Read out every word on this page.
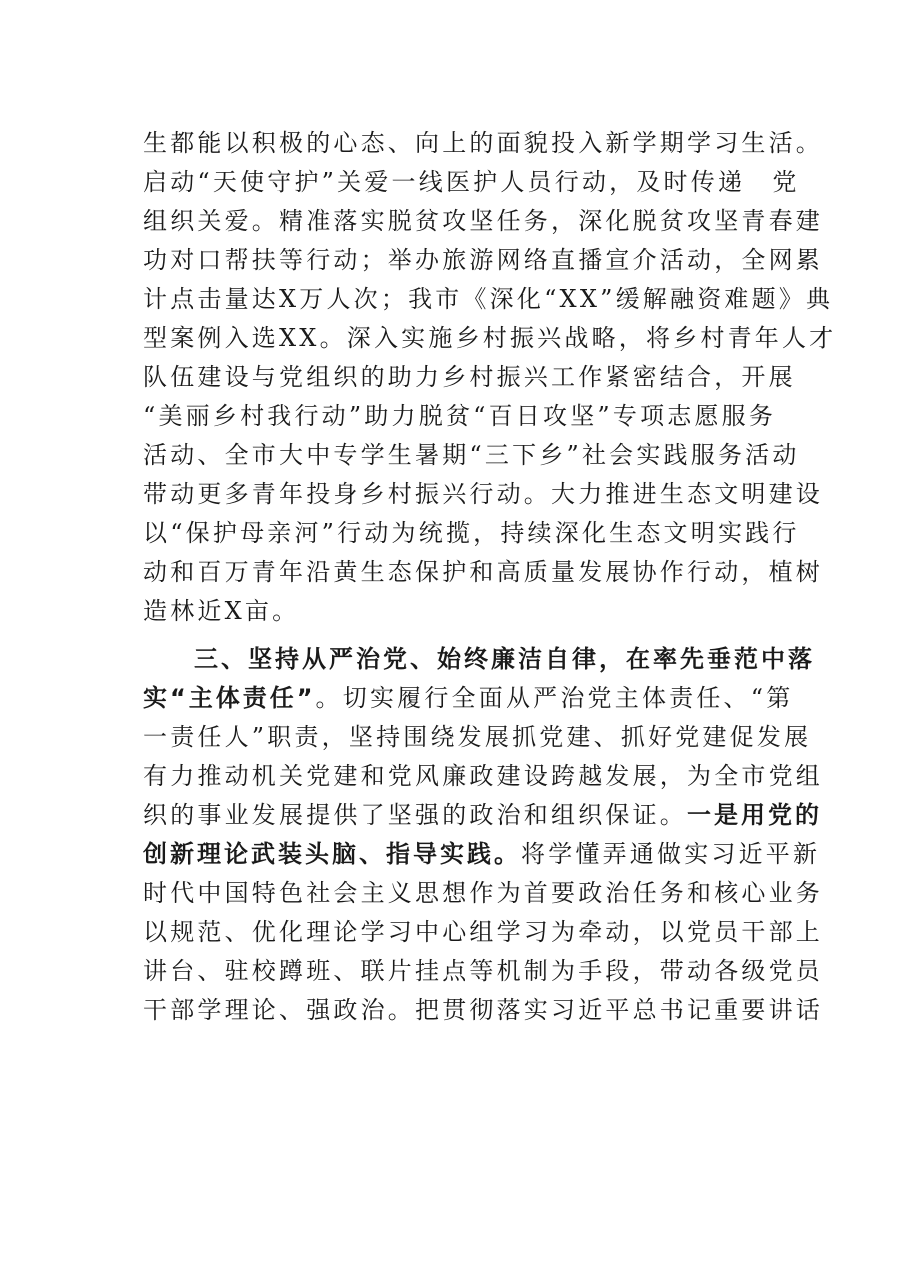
生都能以积极的心态、向上的面貌投入新学期学习生活。
启动“天使守护”关爱一线医护人员行动，及时传递　党
组织关爱。精准落实脱贫攻坚任务，深化脱贫攻坚青春建
功对口帮扶等行动；举办旅游网络直播宣介活动，全网累
计点击量达X万人次；我市《深化“XX”缓解融资难题》典
型案例入选XX。深入实施乡村振兴战略，将乡村青年人才
队伍建设与党组织的助力乡村振兴工作紧密结合，开展
“美丽乡村我行动”助力脱贫“百日攻坚”专项志愿服务
活动、全市大中专学生暑期“三下乡”社会实践服务活动
带动更多青年投身乡村振兴行动。大力推进生态文明建设
以“保护母亲河”行动为统揽，持续深化生态文明实践行
动和百万青年沿黄生态保护和高质量发展协作行动，植树
造林近X亩。
三、坚持从严治党、始终廉洁自律，在率先垂范中落
实“主体责任”。切实履行全面从严治党主体责任、“第
一责任人”职责，坚持围绕发展抓党建、抓好党建促发展
有力推动机关党建和党风廉政建设跨越发展，为全市党组
织的事业发展提供了坚强的政治和组织保证。一是用党的
创新理论武装头脑、指导实践。将学懂弄通做实习近平新
时代中国特色社会主义思想作为首要政治任务和核心业务
以规范、优化理论学习中心组学习为牵动，以党员干部上
讲台、驻校蹲班、联片挂点等机制为手段，带动各级党员
干部学理论、强政治。把贯彻落实习近平总书记重要讲话
